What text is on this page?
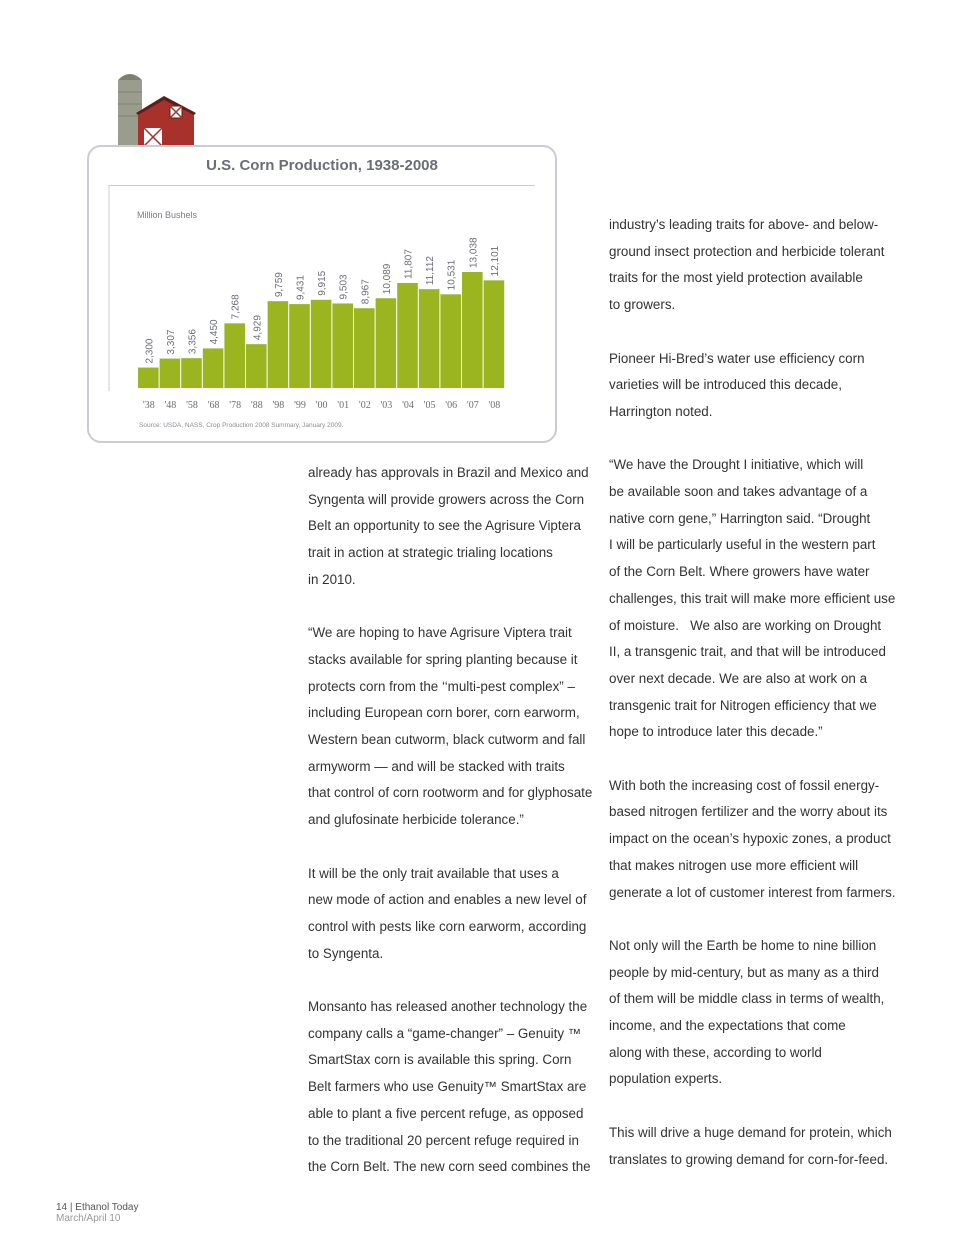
U.S. Corn Production, 1938-2008
Million Bushels
2,300
'38
3,307
'48
3,356
'58
4,450
'68
7,268
'78
4,929
'88
9,759
'98
9,431
'99
9,915
'00
9,503
'01
8,967
'02
10,089
'03
11,807
'04
11,112
'05
10,531
'06
13,038
'07
12,101
'08
Source: USDA, NASS, Crop Production 2008 Summary, January 2009.

already has approvals in Brazil and Mexico and
Syngenta will provide growers across the Corn
Belt an opportunity to see the Agrisure Viptera
trait in action at strategic trialing locations
in 2010.

“We are hoping to have Agrisure Viptera trait
stacks available for spring planting because it
protects corn from the ‘‘multi-pest complex” –
including European corn borer, corn earworm,
Western bean cutworm, black cutworm and fall
armyworm — and will be stacked with traits
that control of corn rootworm and for glyphosate
and glufosinate herbicide tolerance.”

It will be the only trait available that uses a
new mode of action and enables a new level of
control with pests like corn earworm, according
to Syngenta.

Monsanto has released another technology the
company calls a “game-changer” – Genuity ™
SmartStax corn is available this spring. Corn
Belt farmers who use Genuity™ SmartStax are
able to plant a five percent refuge, as opposed
to the traditional 20 percent refuge required in
the Corn Belt. The new corn seed combines the

industry’s leading traits for above- and below-
ground insect protection and herbicide tolerant
traits for the most yield protection available
to growers.

Pioneer Hi-Bred’s water use efficiency corn
varieties will be introduced this decade,
Harrington noted.

“We have the Drought I initiative, which will
be available soon and takes advantage of a
native corn gene,” Harrington said. “Drought
I will be particularly useful in the western part
of the Corn Belt. Where growers have water
challenges, this trait will make more efficient use
of moisture.   We also are working on Drought
II, a transgenic trait, and that will be introduced
over next decade. We are also at work on a
transgenic trait for Nitrogen efficiency that we
hope to introduce later this decade.”

With both the increasing cost of fossil energy-
based nitrogen fertilizer and the worry about its
impact on the ocean’s hypoxic zones, a product
that makes nitrogen use more efficient will
generate a lot of customer interest from farmers.

Not only will the Earth be home to nine billion
people by mid-century, but as many as a third
of them will be middle class in terms of wealth,
income, and the expectations that come
along with these, according to world
population experts.

This will drive a huge demand for protein, which
translates to growing demand for corn-for-feed.

14 | Ethanol Today
March/April 10
